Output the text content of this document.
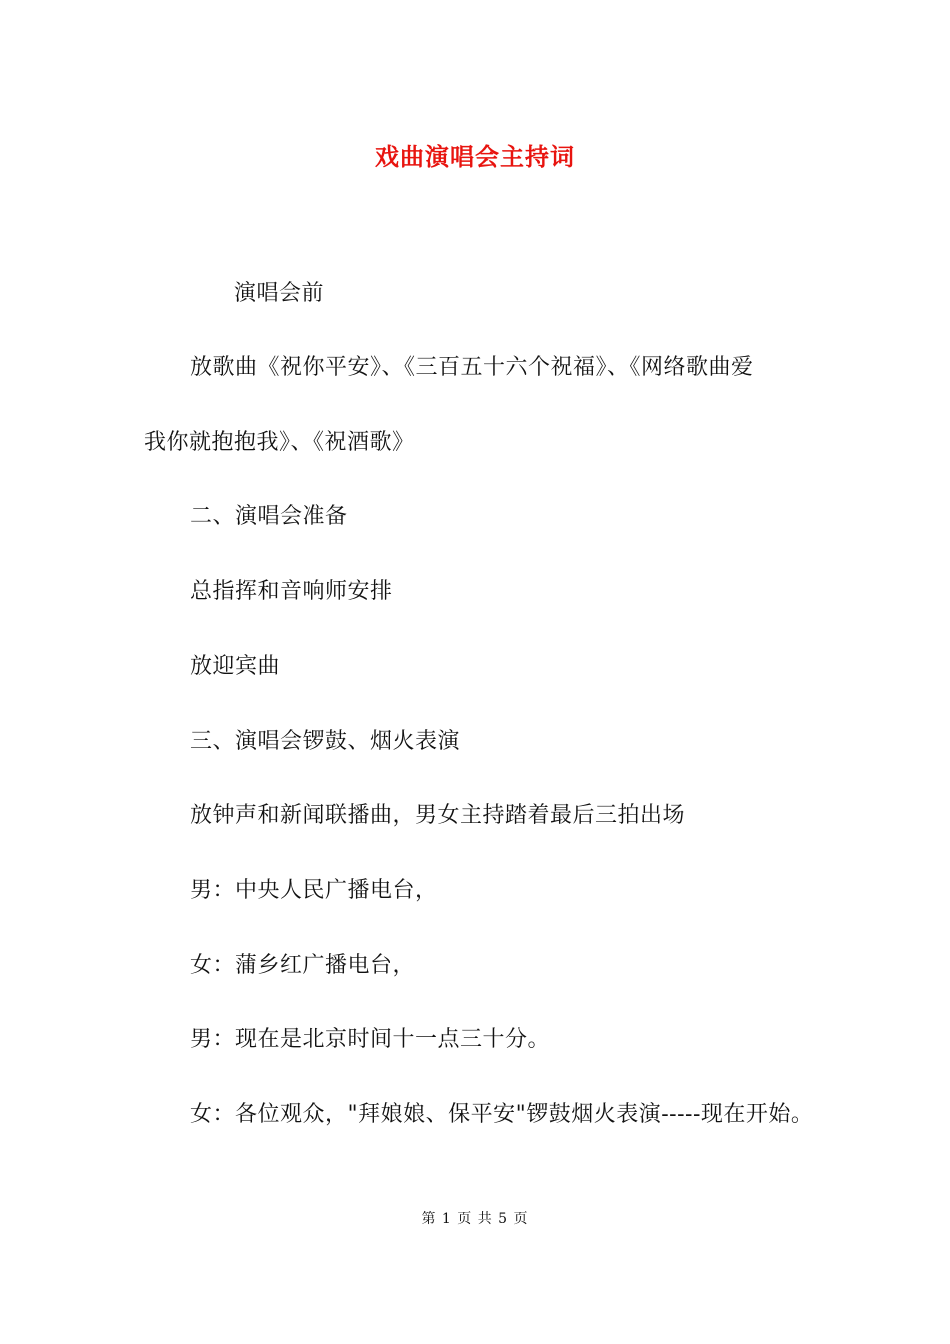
戏曲演唱会主持词
演唱会前
放歌曲《祝你平安》、《三百五十六个祝福》、《网络歌曲爱
我你就抱抱我》、《祝酒歌》
二、演唱会准备
总指挥和音响师安排
放迎宾曲
三、演唱会锣鼓、烟火表演
放钟声和新闻联播曲，男女主持踏着最后三拍出场
男：中央人民广播电台，
女：蒲乡红广播电台，
男：现在是北京时间十一点三十分。
女：各位观众，"拜娘娘、保平安"锣鼓烟火表演-----现在开始。
第 1 页 共 5 页
